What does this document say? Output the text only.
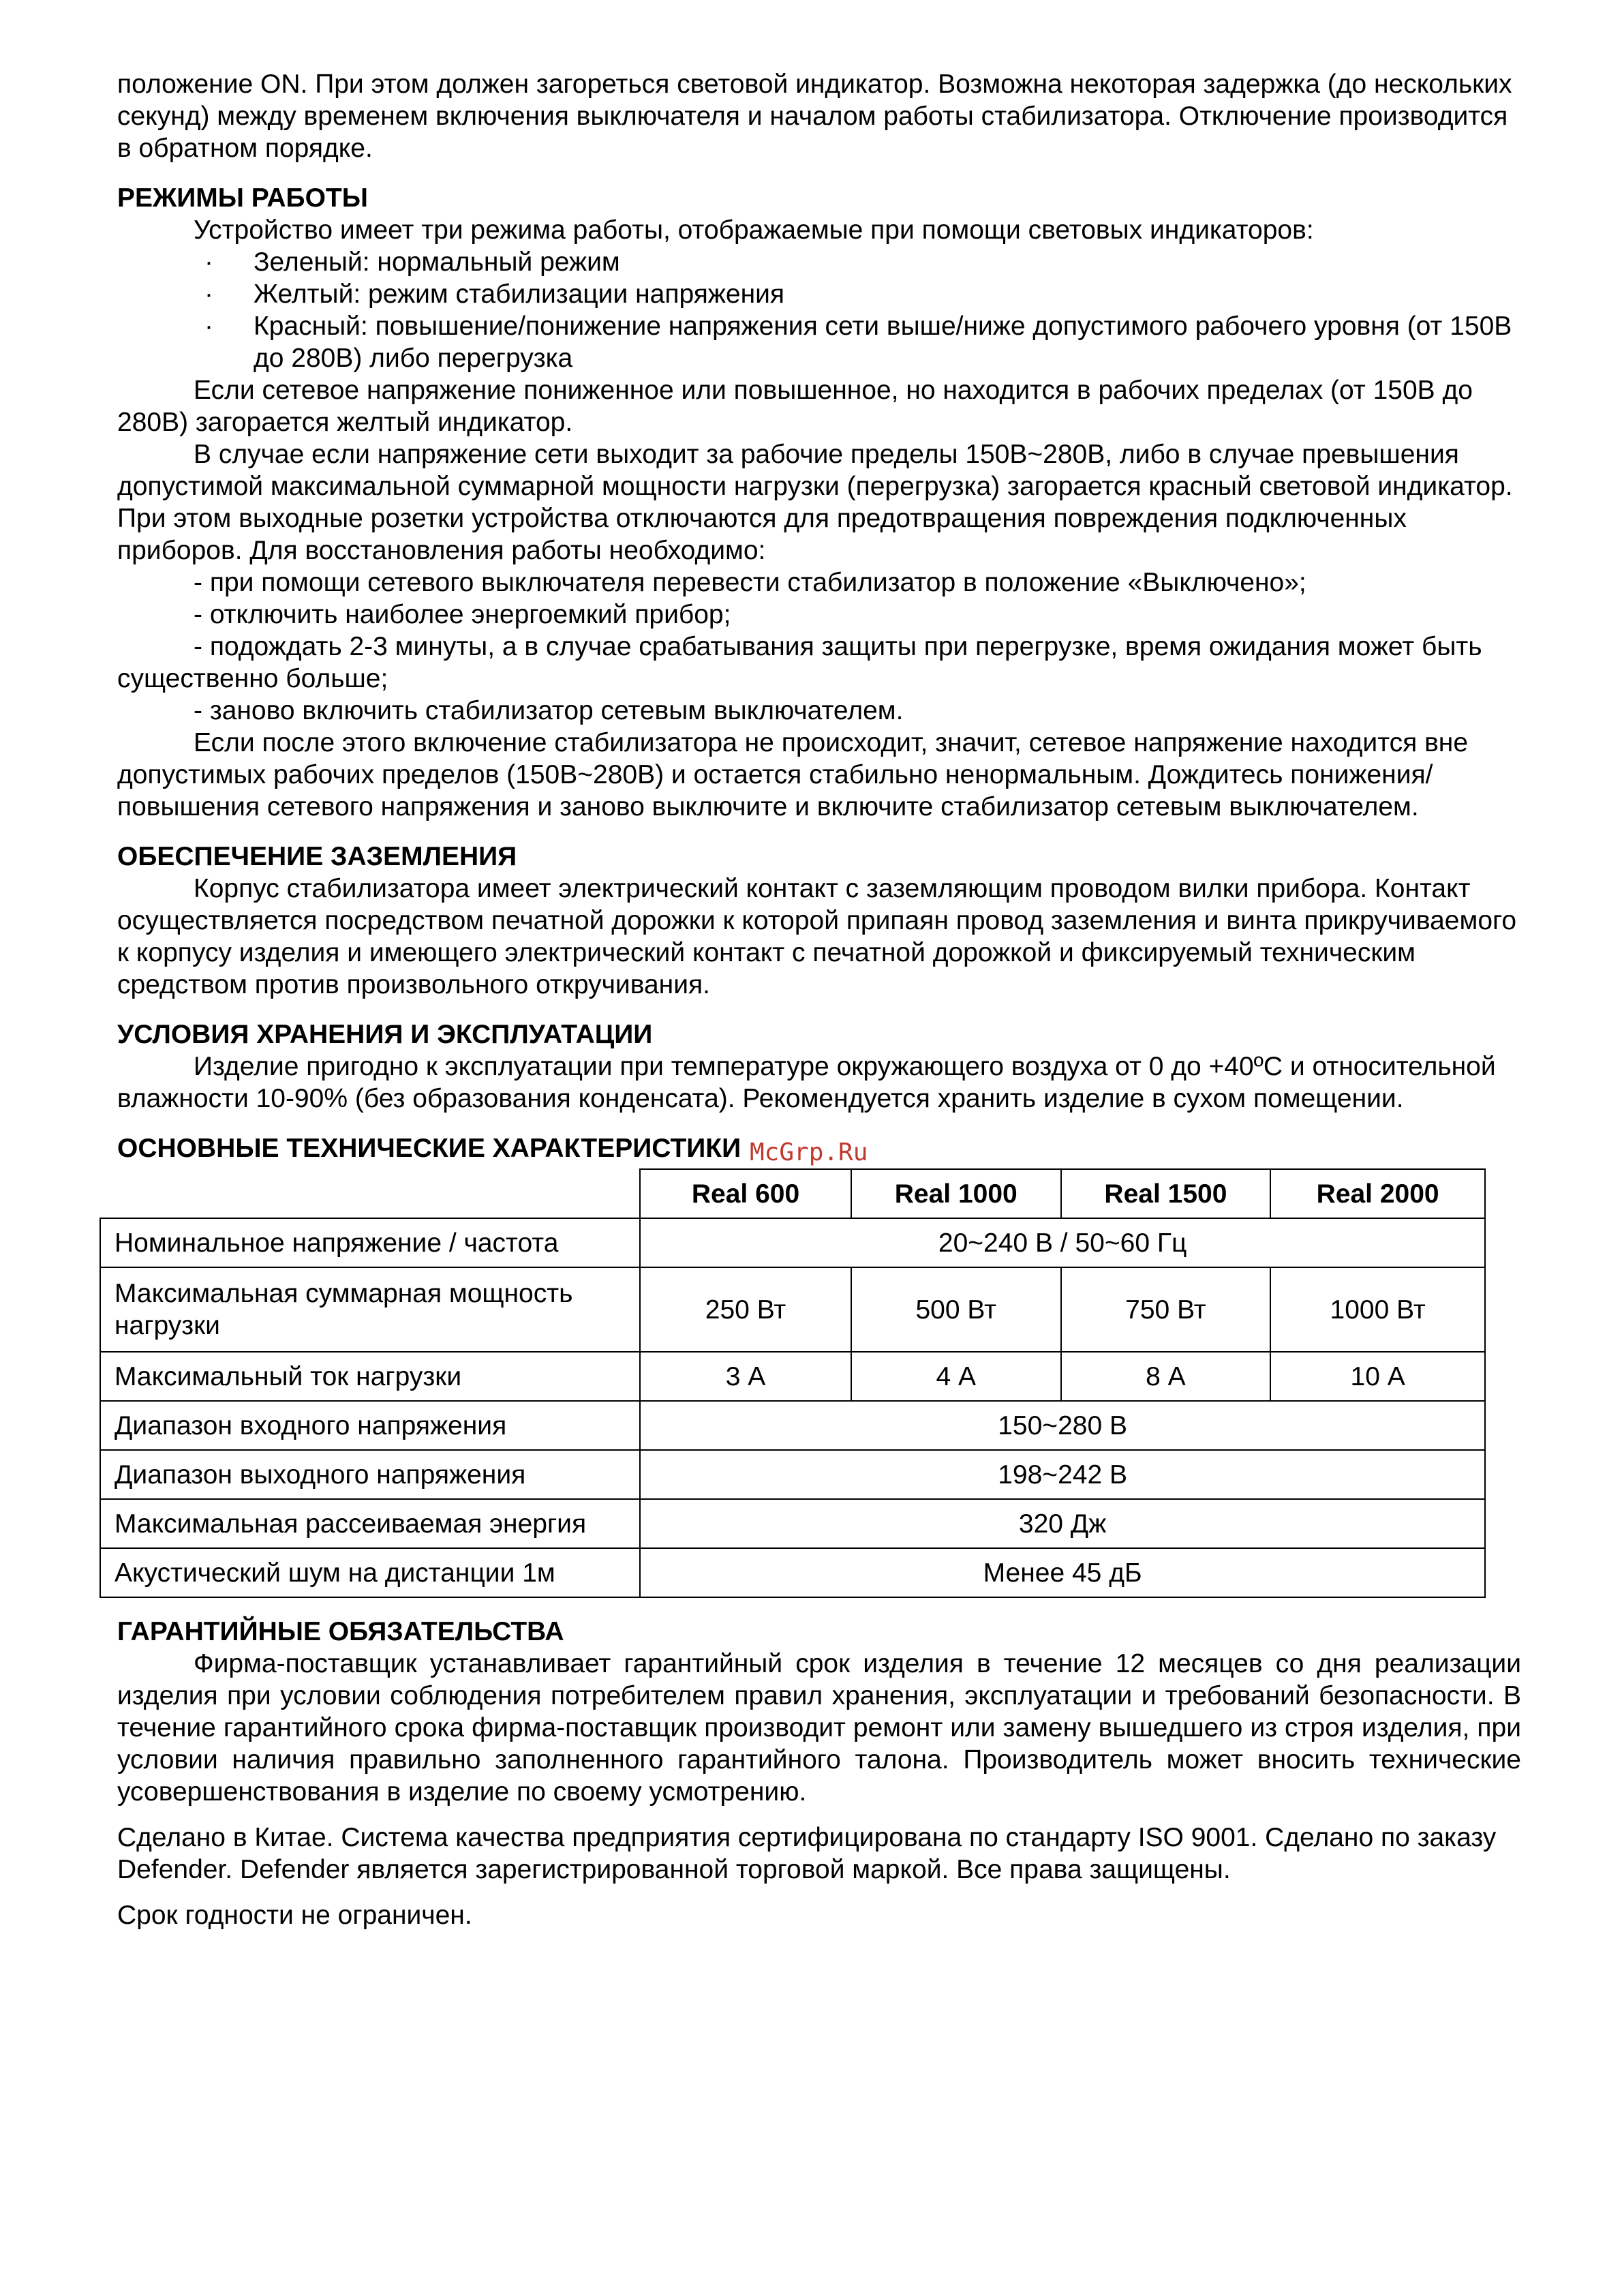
положение ON. При этом должен загореться световой индикатор. Возможна некоторая задержка (до нескольких секунд) между временем включения выключателя и началом работы стабилизатора. Отключение производится в обратном порядке.

РЕЖИМЫ РАБОТЫ

Устройство имеет три режима работы, отображаемые при помощи световых индикаторов:

· Зеленый: нормальный режим
· Желтый: режим стабилизации напряжения
· Красный: повышение/понижение напряжения сети выше/ниже допустимого рабочего уровня (от 150В до 280В) либо перегрузка

Если сетевое напряжение пониженное или повышенное, но находится в рабочих пределах (от 150В до 280В) загорается желтый индикатор.

В случае если напряжение сети выходит за рабочие пределы 150В~280В, либо в случае превышения допустимой максимальной суммарной мощности нагрузки (перегрузка) загорается красный световой индикатор. При этом выходные розетки устройства отключаются для предотвращения повреждения подключенных приборов. Для восстановления работы необходимо:

- при помощи сетевого выключателя перевести стабилизатор в положение «Выключено»;

- отключить наиболее энергоемкий прибор;

- подождать 2-3 минуты, а в случае срабатывания защиты при перегрузке, время ожидания может быть существенно больше;

- заново включить стабилизатор сетевым выключателем.

Если после этого включение стабилизатора не происходит, значит, сетевое напряжение находится вне допустимых рабочих пределов (150В~280В) и остается стабильно ненормальным. Дождитесь понижения/повышения сетевого напряжения и заново выключите и включите стабилизатор сетевым выключателем.

ОБЕСПЕЧЕНИЕ ЗАЗЕМЛЕНИЯ

Корпус стабилизатора имеет электрический контакт с заземляющим проводом вилки прибора. Контакт осуществляется посредством печатной дорожки к которой припаян провод заземления и винта прикручиваемого к корпусу изделия и имеющего электрический контакт с печатной дорожкой и фиксируемый техническим средством против произвольного откручивания.

УСЛОВИЯ ХРАНЕНИЯ И ЭКСПЛУАТАЦИИ

Изделие пригодно к эксплуатации при температуре окружающего воздуха от 0 до +40ºС и относительной влажности 10-90% (без образования конденсата). Рекомендуется хранить изделие в сухом помещении.

ОСНОВНЫЕ ТЕХНИЧЕСКИЕ ХАРАКТЕРИСТИКИ
	Real 600	Real 1000	Real 1500	Real 2000
Номинальное напряжение / частота	20~240 В / 50~60 Гц			
Максимальная суммарная мощность нагрузки	250 Вт	500 Вт	750 Вт	1000 Вт
Максимальный ток нагрузки	3 А	4 А	8 А	10 А
Диапазон входного напряжения	150~280 В			
Диапазон выходного напряжения	198~242 В			
Максимальная рассеиваемая энергия	320 Дж			
Акустический шум на дистанции 1м	Менее 45 дБ			
ГАРАНТИЙНЫЕ ОБЯЗАТЕЛЬСТВА

Фирма-поставщик устанавливает гарантийный срок изделия в течение 12 месяцев со дня реализации изделия при условии соблюдения потребителем правил хранения, эксплуатации и требований безопасности. В течение гарантийного срока фирма-поставщик производит ремонт или замену вышедшего из строя изделия, при условии наличия правильно заполненного гарантийного талона. Производитель может вносить технические усовершенствования в изделие по своему усмотрению.

Сделано в Китае. Система качества предприятия сертифицирована по стандарту ISO 9001. Сделано по заказу Defender. Defender является зарегистрированной торговой маркой. Все права защищены.

Срок годности не ограничен.

McGrp.Ru
